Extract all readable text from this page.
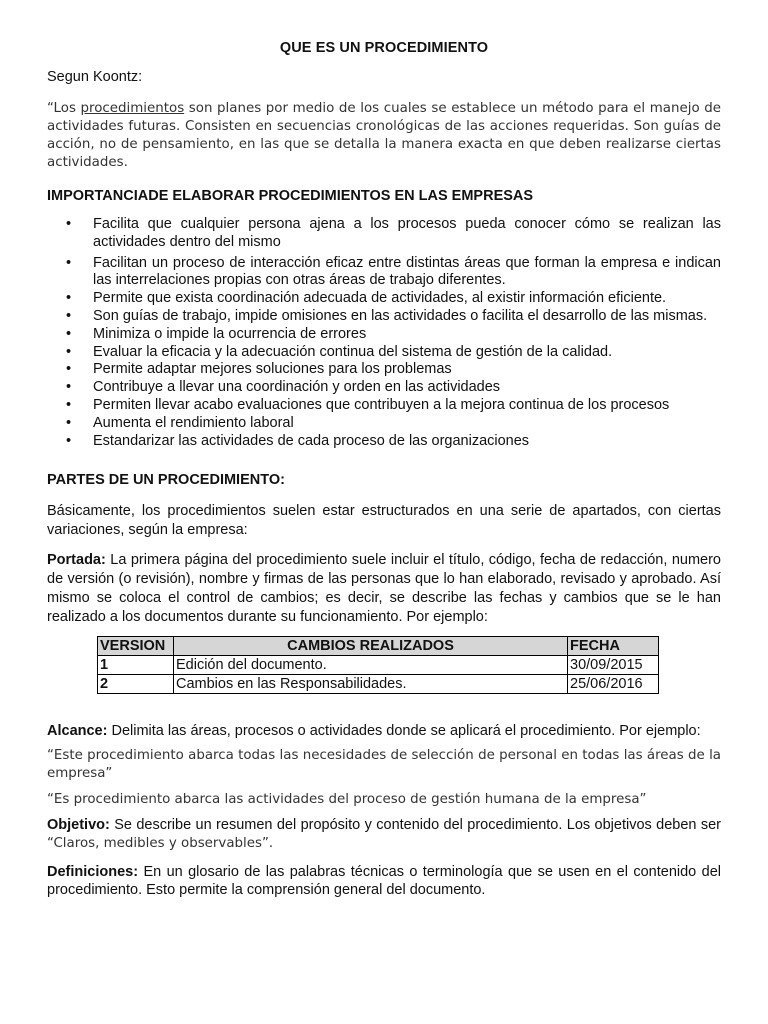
QUE ES UN PROCEDIMIENTO

Segun Koontz:

“Los procedimientos son planes por medio de los cuales se establece un método para el manejo de actividades futuras. Consisten en secuencias cronológicas de las acciones requeridas. Son guías de acción, no de pensamiento, en las que se detalla la manera exacta en que deben realizarse ciertas actividades.

IMPORTANCIADE ELABORAR PROCEDIMIENTOS EN LAS EMPRESAS

• Facilita que cualquier persona ajena a los procesos pueda conocer cómo se realizan las actividades dentro del mismo
• Facilitan un proceso de interacción eficaz entre distintas áreas que forman la empresa e indican las interrelaciones propias con otras áreas de trabajo diferentes.
• Permite que exista coordinación adecuada de actividades, al existir información eficiente.
• Son guías de trabajo, impide omisiones en las actividades o facilita el desarrollo de las mismas.
• Minimiza o impide la ocurrencia de errores
• Evaluar la eficacia y la adecuación continua del sistema de gestión de la calidad.
• Permite adaptar mejores soluciones para los problemas
• Contribuye a llevar una coordinación y orden en las actividades
• Permiten llevar acabo evaluaciones que contribuyen a la mejora continua de los procesos
• Aumenta el rendimiento laboral
• Estandarizar las actividades de cada proceso de las organizaciones

PARTES DE UN PROCEDIMIENTO:

Básicamente, los procedimientos suelen estar estructurados en una serie de apartados, con ciertas variaciones, según la empresa:

Portada: La primera página del procedimiento suele incluir el título, código, fecha de redacción, numero de versión (o revisión), nombre y firmas de las personas que lo han elaborado, revisado y aprobado. Así mismo se coloca el control de cambios; es decir, se describe las fechas y cambios que se le han realizado a los documentos durante su funcionamiento. Por ejemplo:

VERSION	CAMBIOS REALIZADOS	FECHA
1	Edición del documento.	30/09/2015
2	Cambios en las Responsabilidades.	25/06/2016

Alcance: Delimita las áreas, procesos o actividades donde se aplicará el procedimiento. Por ejemplo:

“Este procedimiento abarca todas las necesidades de selección de personal en todas las áreas de la empresa”

“Es procedimiento abarca las actividades del proceso de gestión humana de la empresa”

Objetivo: Se describe un resumen del propósito y contenido del procedimiento. Los objetivos deben ser “Claros, medibles y observables”.

Definiciones: En un glosario de las palabras técnicas o terminología que se usen en el contenido del procedimiento. Esto permite la comprensión general del documento.
